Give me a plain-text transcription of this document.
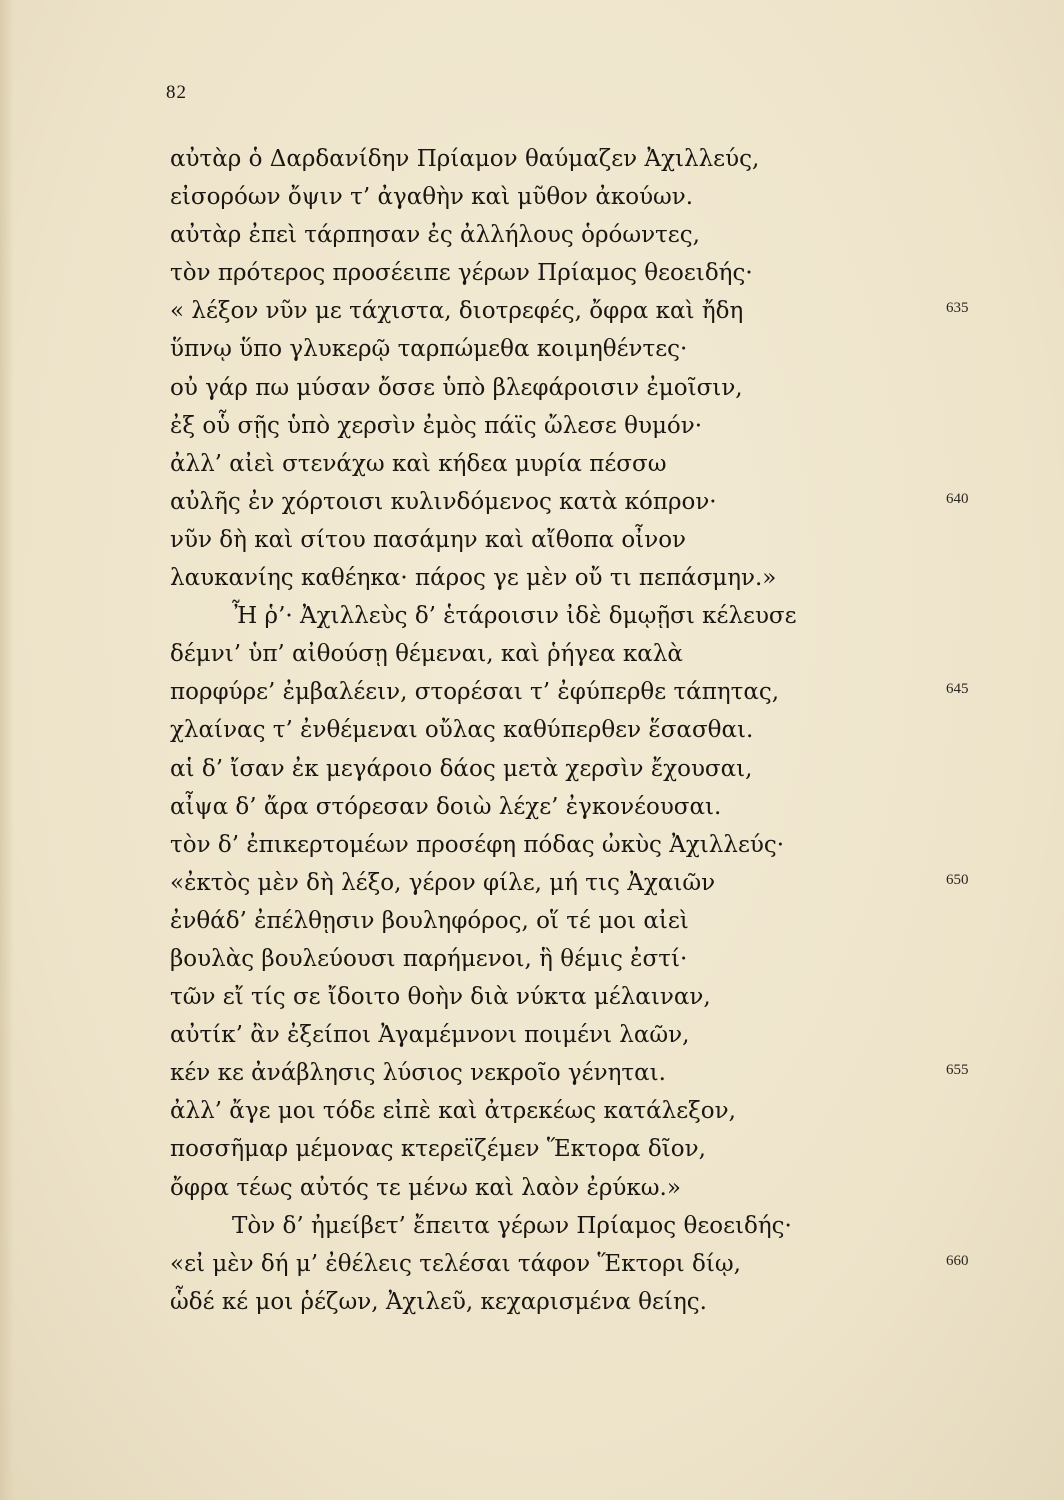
82
αὐτὰρ ὁ Δαρδανίδην Πρίαμον θαύμαζεν Ἀχιλλεύς,
εἰσορόων ὄψιν τ’ ἀγαθὴν καὶ μῦθον ἀκούων.
αὐτὰρ ἐπεὶ τάρπησαν ἐς ἀλλήλους ὁρόωντες,
τὸν πρότερος προσέειπε γέρων Πρίαμος θεοειδής·
« λέξον νῦν με τάχιστα, διοτρεφές, ὄφρα καὶ ἤδη	635
ὕπνῳ ὕπο γλυκερῷ ταρπώμεθα κοιμηθέντες·
οὐ γάρ πω μύσαν ὄσσε ὑπὸ βλεφάροισιν ἐμοῖσιν,
ἐξ οὗ σῇς ὑπὸ χερσὶν ἐμὸς πάϊς ὤλεσε θυμόν·
ἀλλ’ αἰεὶ στενάχω καὶ κήδεα μυρία πέσσω
αὐλῆς ἐν χόρτοισι κυλινδόμενος κατὰ κόπρον·	640
νῦν δὴ καὶ σίτου πασάμην καὶ αἴθοπα οἶνον
λαυκανίης καθέηκα· πάρος γε μὲν οὔ τι πεπάσμην.»
Ἦ ῥ’· Ἀχιλλεὺς δ’ ἑτάροισιν ἰδὲ δμῳῇσι κέλευσε
δέμνι’ ὑπ’ αἰθούσῃ θέμεναι, καὶ ῥήγεα καλὰ
πορφύρε’ ἐμβαλέειν, στορέσαι τ’ ἐφύπερθε τάπητας,	645
χλαίνας τ’ ἐνθέμεναι οὔλας καθύπερθεν ἕσασθαι.
αἱ δ’ ἴσαν ἐκ μεγάροιο δάος μετὰ χερσὶν ἔχουσαι,
αἶψα δ’ ἄρα στόρεσαν δοιὼ λέχε’ ἐγκονέουσαι.
τὸν δ’ ἐπικερτομέων προσέφη πόδας ὠκὺς Ἀχιλλεύς·
«ἐκτὸς μὲν δὴ λέξο, γέρον φίλε, μή τις Ἀχαιῶν	650
ἐνθάδ’ ἐπέλθῃσιν βουληφόρος, οἵ τέ μοι αἰεὶ
βουλὰς βουλεύουσι παρήμενοι, ἣ θέμις ἐστί·
τῶν εἴ τίς σε ἴδοιτο θοὴν διὰ νύκτα μέλαιναν,
αὐτίκ’ ἂν ἐξείποι Ἀγαμέμνονι ποιμένι λαῶν,
κέν κε ἀνάβλησις λύσιος νεκροῖο γένηται.	655
ἀλλ’ ἄγε μοι τόδε εἰπὲ καὶ ἀτρεκέως κατάλεξον,
ποσσῆμαρ μέμονας κτερεϊζέμεν Ἕκτορα δῖον,
ὄφρα τέως αὐτός τε μένω καὶ λαὸν ἐρύκω.»
Τὸν δ’ ἠμείβετ’ ἔπειτα γέρων Πρίαμος θεοειδής·
«εἰ μὲν δή μ’ ἐθέλεις τελέσαι τάφον Ἕκτορι δίῳ,	660
ὧδέ κέ μοι ῥέζων, Ἀχιλεῦ, κεχαρισμένα θείης.
